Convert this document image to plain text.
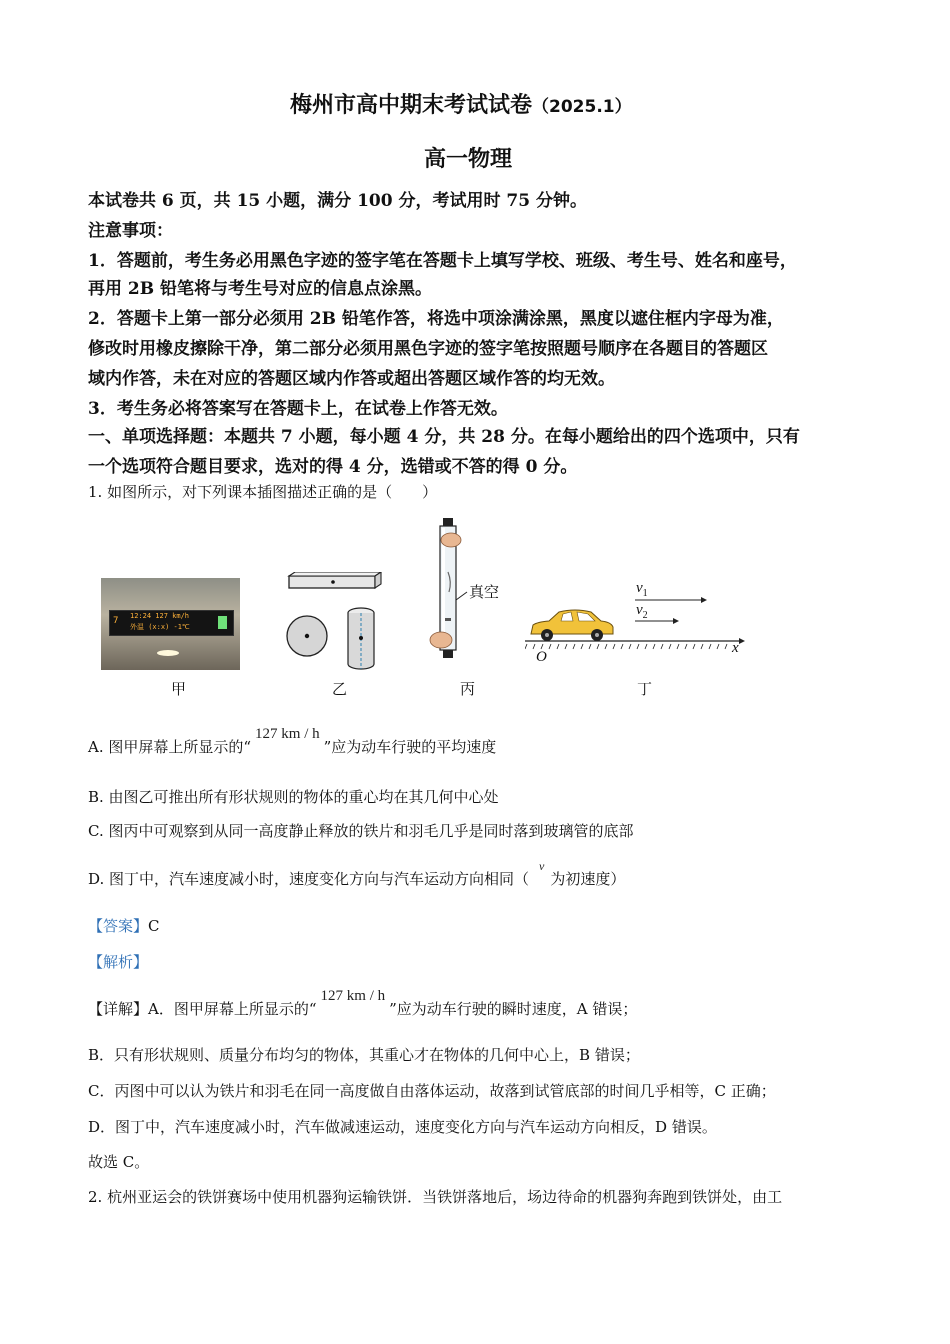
梅州市高中期末考试试卷（2025.1）
高一物理
本试卷共 6 页，共 15 小题，满分 100 分，考试用时 75 分钟。
注意事项：
1．答题前，考生务必用黑色字迹的签字笔在答题卡上填写学校、班级、考生号、姓名和座号，
再用 2B 铅笔将与考生号对应的信息点涂黑。
2．答题卡上第一部分必须用 2B 铅笔作答，将选中项涂满涂黑，黑度以遮住框内字母为准，
修改时用橡皮擦除干净，第二部分必须用黑色字迹的签字笔按照题号顺序在各题目的答题区
域内作答，未在对应的答题区域内作答或超出答题区域作答的均无效。
3．考生务必将答案写在答题卡上，在试卷上作答无效。
一、单项选择题：本题共 7 小题，每小题 4 分，共 28 分。在每小题给出的四个选项中，只有
一个选项符合题目要求，选对的得 4 分，选错或不答的得 0 分。
1. 如图所示，对下列课本插图描述正确的是（　　）
7 12:24 127 km/h
外温 (x:x) -1℃
甲	乙
真空
丙
$v_1$
$v_2$
O
x
丁
A. 图甲屏幕上所显示的“127 km / h”应为动车行驶的平均速度
B. 由图乙可推出所有形状规则的物体的重心均在其几何中心处
C. 图丙中可观察到从同一高度静止释放的铁片和羽毛几乎是同时落到玻璃管的底部
D. 图丁中，汽车速度减小时，速度变化方向与汽车运动方向相同（$^v$为初速度）
【答案】C
【解析】
【详解】A．图甲屏幕上所显示的“127 km / h”应为动车行驶的瞬时速度，A 错误；
B．只有形状规则、质量分布均匀的物体，其重心才在物体的几何中心上，B 错误；
C．丙图中可以认为铁片和羽毛在同一高度做自由落体运动，故落到试管底部的时间几乎相等，C 正确；
D．图丁中，汽车速度减小时，汽车做减速运动，速度变化方向与汽车运动方向相反，D 错误。
故选 C。
2. 杭州亚运会的铁饼赛场中使用机器狗运输铁饼．当铁饼落地后，场边待命的机器狗奔跑到铁饼处，由工
